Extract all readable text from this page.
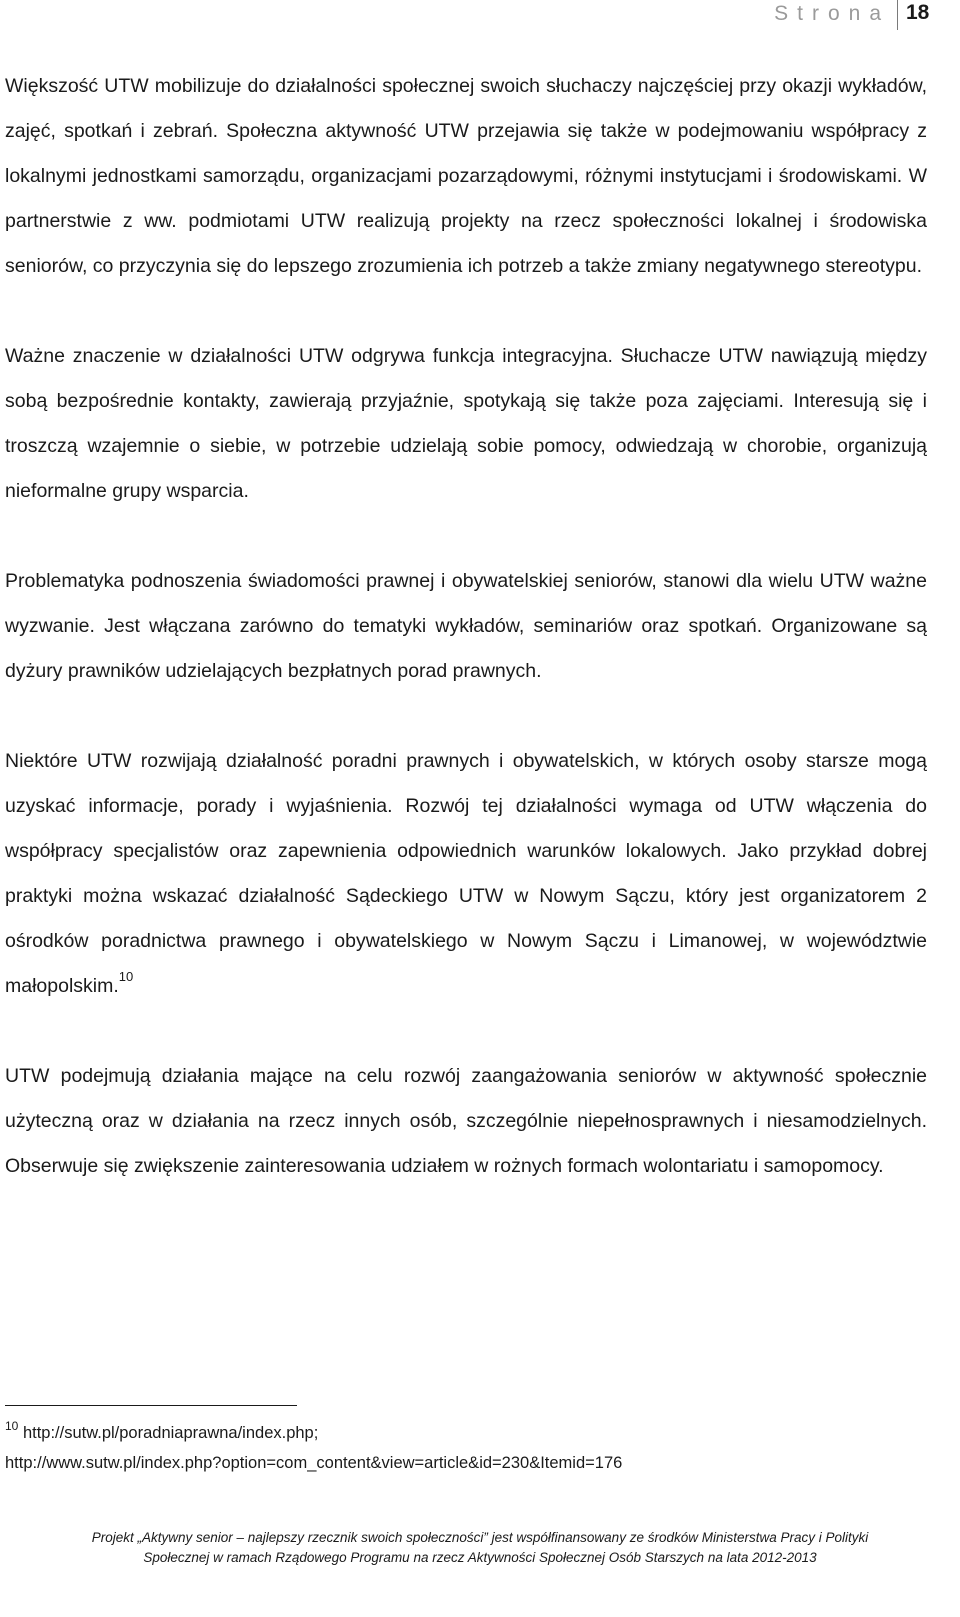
Strona 18

Większość UTW mobilizuje do działalności społecznej swoich słuchaczy najczęściej przy okazji wykładów, zajęć, spotkań i zebrań. Społeczna aktywność UTW przejawia się także w podejmowaniu współpracy z lokalnymi jednostkami samorządu, organizacjami pozarządowymi, różnymi instytucjami i środowiskami. W partnerstwie z ww. podmiotami UTW realizują projekty na rzecz społeczności lokalnej i środowiska seniorów, co przyczynia się do lepszego zrozumienia ich potrzeb a także zmiany negatywnego stereotypu.

Ważne znaczenie w działalności UTW odgrywa funkcja integracyjna. Słuchacze UTW nawiązują między sobą bezpośrednie kontakty, zawierają przyjaźnie, spotykają się także poza zajęciami. Interesują się i troszczą wzajemnie o siebie, w potrzebie udzielają sobie pomocy, odwiedzają w chorobie, organizują nieformalne grupy wsparcia.

Problematyka podnoszenia świadomości prawnej i obywatelskiej seniorów, stanowi dla wielu UTW ważne wyzwanie. Jest włączana zarówno do tematyki wykładów, seminariów oraz spotkań. Organizowane są dyżury prawników udzielających bezpłatnych porad prawnych.

Niektóre UTW rozwijają działalność poradni prawnych i obywatelskich, w których osoby starsze mogą uzyskać informacje, porady i wyjaśnienia. Rozwój tej działalności wymaga od UTW włączenia do współpracy specjalistów oraz zapewnienia odpowiednich warunków lokalowych. Jako przykład dobrej praktyki można wskazać działalność Sądeckiego UTW w Nowym Sączu, który jest organizatorem 2 ośrodków poradnictwa prawnego i obywatelskiego w Nowym Sączu i Limanowej, w województwie małopolskim.$^{10}$

UTW podejmują działania mające na celu rozwój zaangażowania seniorów w aktywność społecznie użyteczną oraz w działania na rzecz innych osób, szczególnie niepełnosprawnych i niesamodzielnych. Obserwuje się zwiększenie zainteresowania udziałem w rożnych formach wolontariatu i samopomocy.

$^{10}$ http://sutw.pl/poradniaprawna/index.php;
http://www.sutw.pl/index.php?option=com_content&view=article&id=230&Itemid=176
Projekt „Aktywny senior – najlepszy rzecznik swoich społeczności” jest współfinansowany ze środków Ministerstwa Pracy i Polityki
Społecznej w ramach Rządowego Programu na rzecz Aktywności Społecznej Osób Starszych na lata 2012-2013
